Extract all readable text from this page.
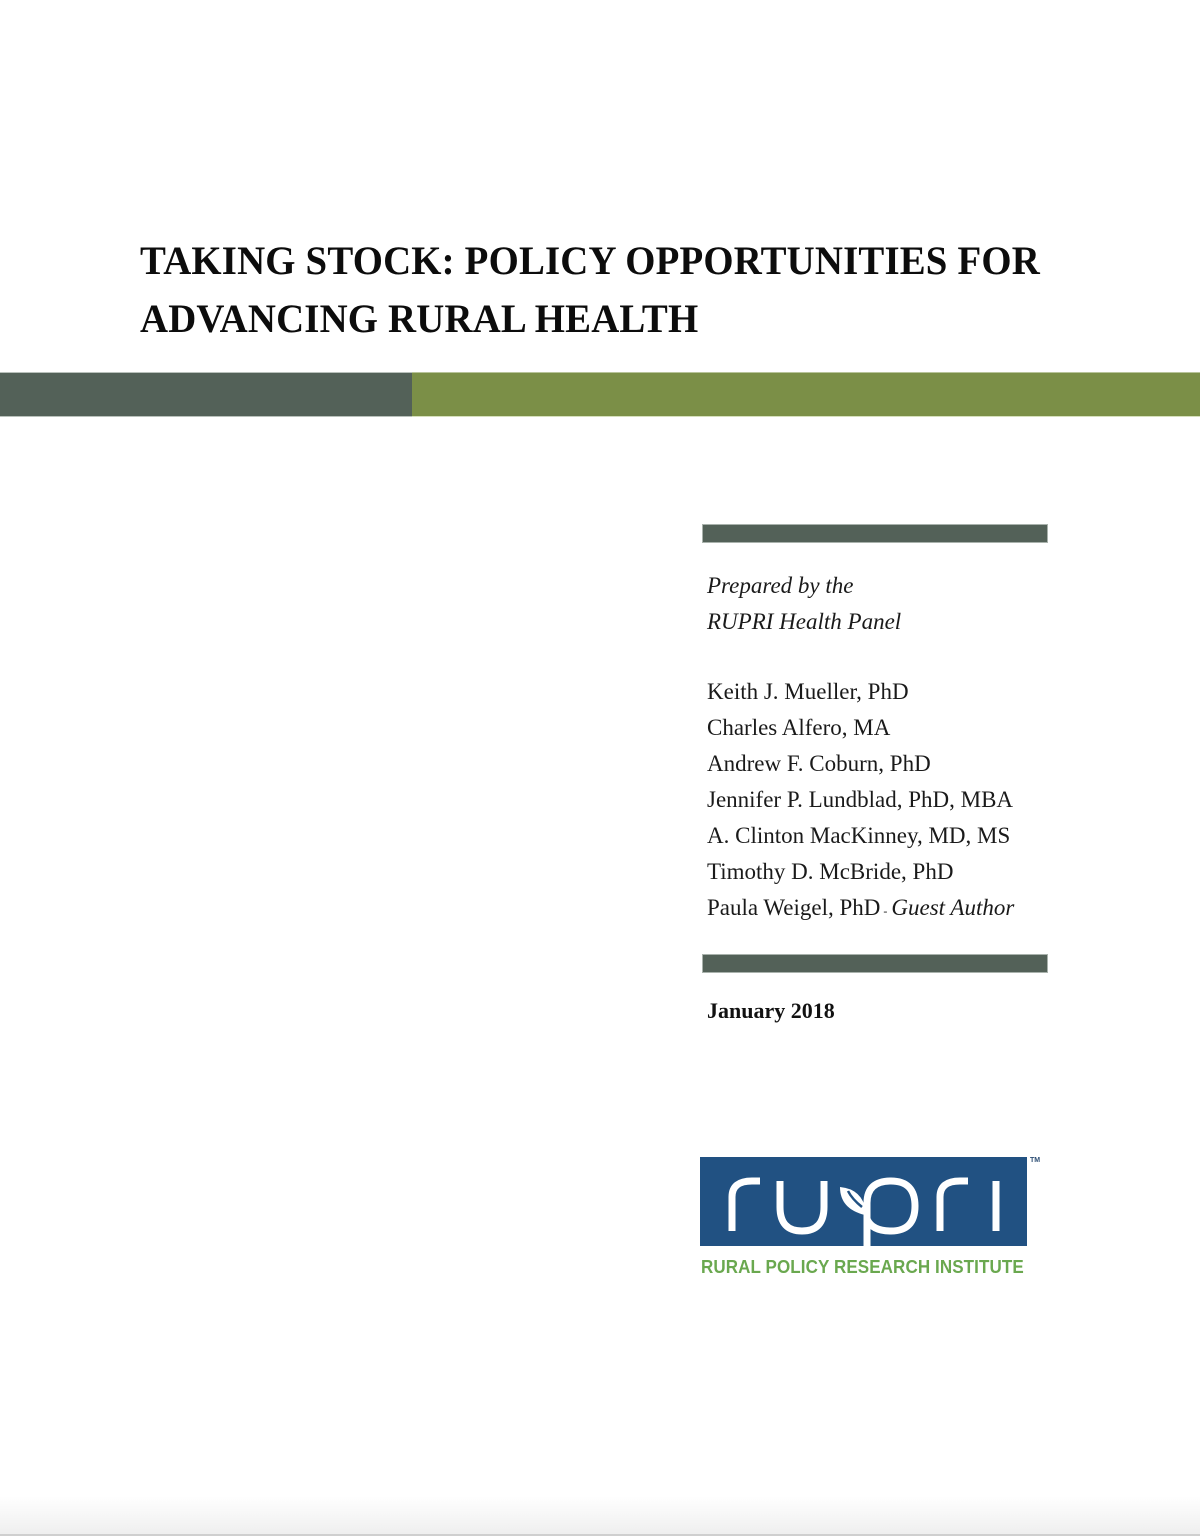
TAKING STOCK: POLICY OPPORTUNITIES FOR
ADVANCING RURAL HEALTH
Prepared by the
RUPRI Health Panel
Keith J. Mueller, PhD
Charles Alfero, MA
Andrew F. Coburn, PhD
Jennifer P. Lundblad, PhD, MBA
A. Clinton MacKinney, MD, MS
Timothy D. McBride, PhD
Paula Weigel, PhD - Guest Author
January 2018
TM
RURAL POLICY RESEARCH INSTITUTE
